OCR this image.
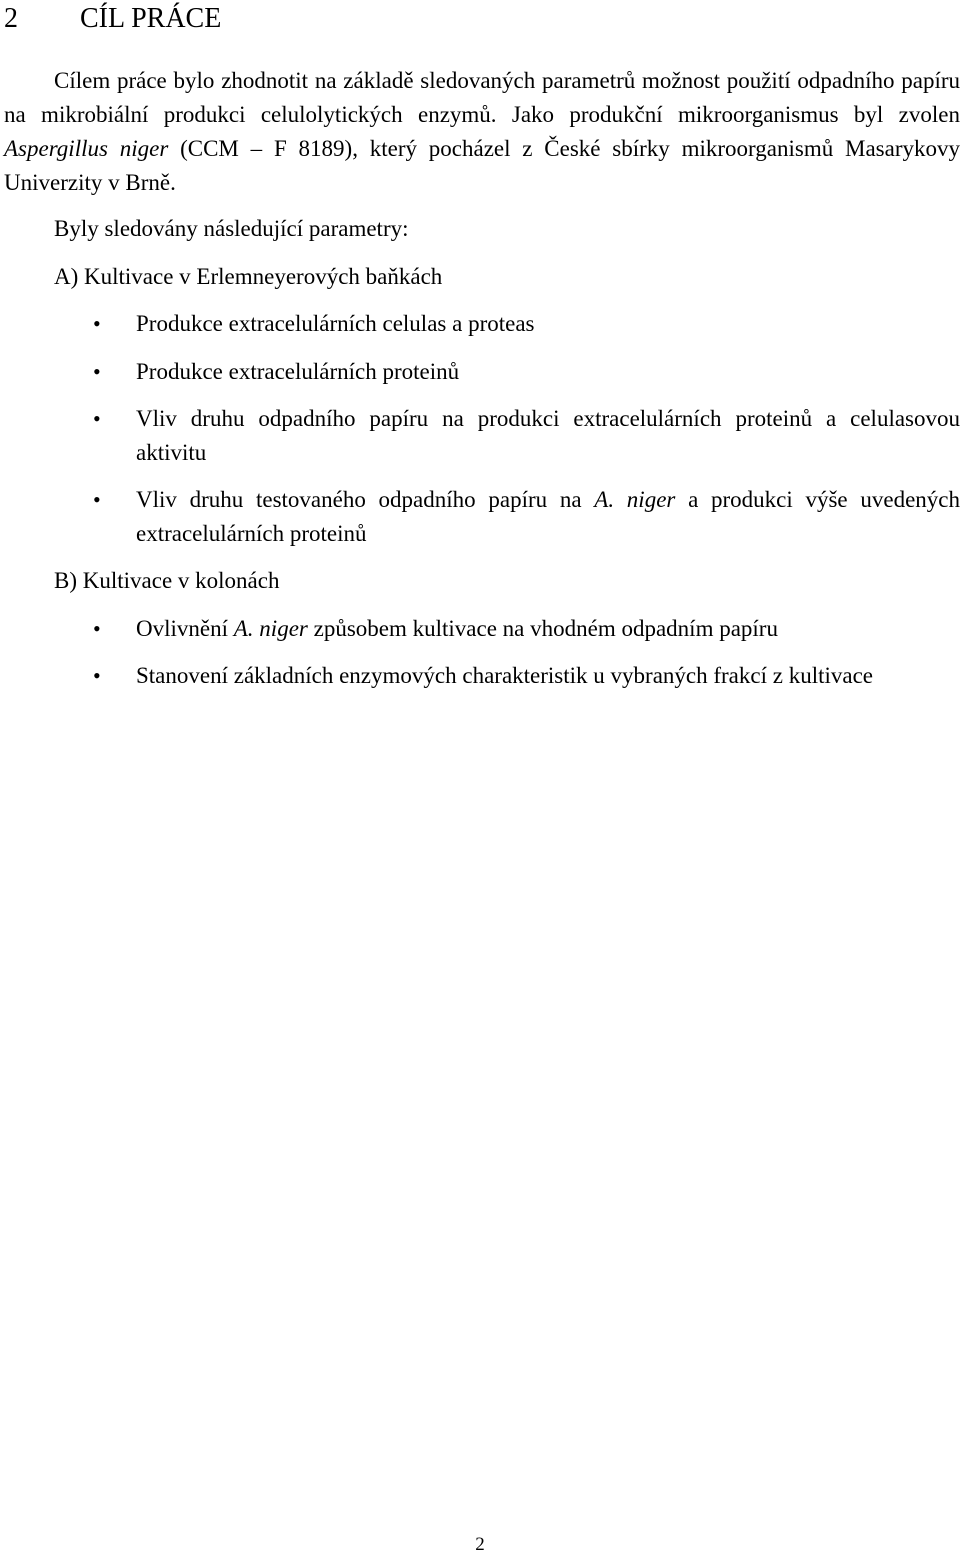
2 CÍL PRÁCE

Cílem práce bylo zhodnotit na základě sledovaných parametrů možnost použití odpadního papíru na mikrobiální produkci celulolytických enzymů. Jako produkční mikroorganismus byl zvolen Aspergillus niger (CCM – F 8189), který pocházel z České sbírky mikroorganismů Masarykovy Univerzity v Brně.

Byly sledovány následující parametry:

A) Kultivace v Erlemneyerových baňkách

• Produkce extracelulárních celulas a proteas

• Produkce extracelulárních proteinů

• Vliv druhu odpadního papíru na produkci extracelulárních proteinů a celulasovou aktivitu

• Vliv druhu testovaného odpadního papíru na A. niger a produkci výše uvedených extracelulárních proteinů

B) Kultivace v kolonách

• Ovlivnění A. niger způsobem kultivace na vhodném odpadním papíru

• Stanovení základních enzymových charakteristik u vybraných frakcí z kultivace

2
